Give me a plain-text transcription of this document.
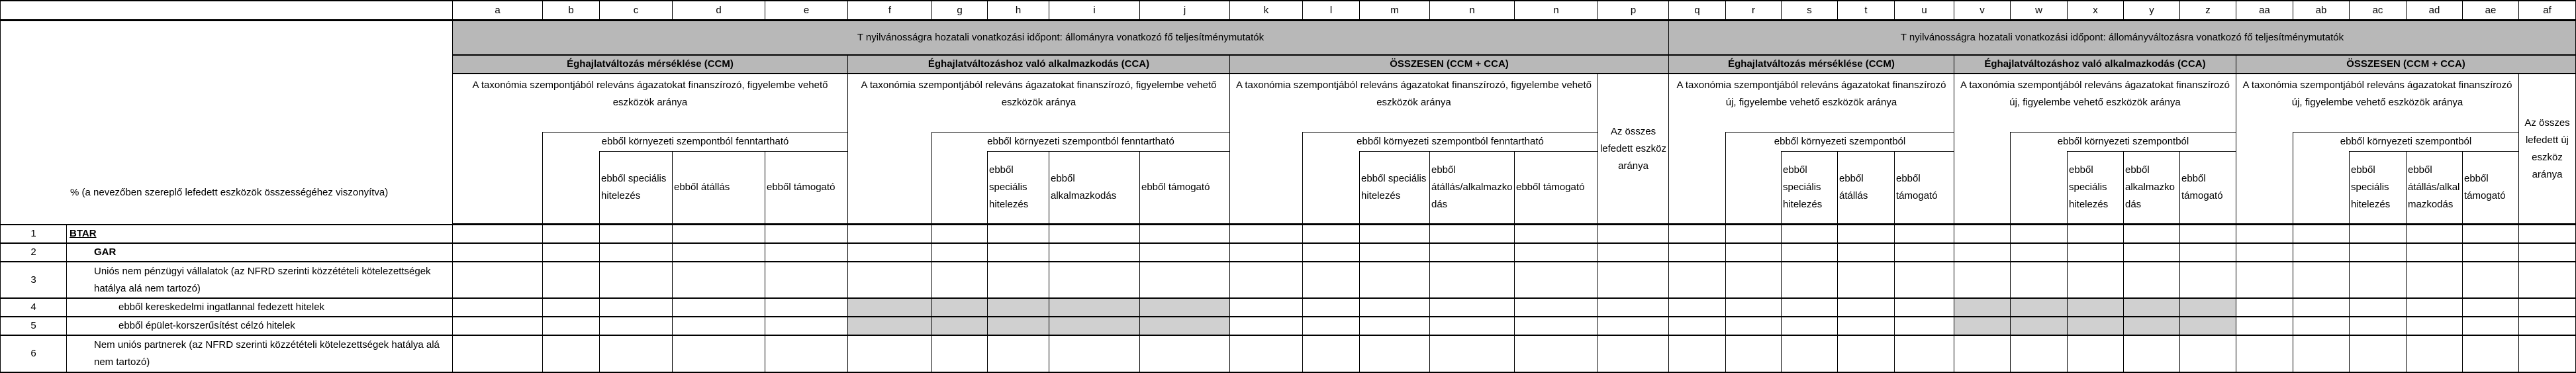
		a	b	c	d	e	f	g	h	i	j	k	l	m	n	n	p	q	r	s	t	u	v	w	x	y	z	aa	ab	ac	ad	ae	af
% (a nevezőben szereplő lefedett eszközök összességéhez viszonyítva)		T nyilvánosságra hozatali vonatkozási időpont: állományra vonatkozó fő teljesítménymutatók																T nyilvánosságra hozatali vonatkozási időpont: állományváltozásra vonatkozó fő teljesítménymutatók															
		Éghajlatváltozás mérséklése (CCM)					Éghajlatváltozáshoz való alkalmazkodás (CCA)					ÖSSZESEN (CCM + CCA)						Éghajlatváltozás mérséklése (CCM)					Éghajlatváltozáshoz való alkalmazkodás (CCA)					ÖSSZESEN (CCM + CCA)					
		A taxonómia szempontjából releváns ágazatokat finanszírozó, figyelembe vehető eszközök aránya					A taxonómia szempontjából releváns ágazatokat finanszírozó, figyelembe vehető eszközök aránya					A taxonómia szempontjából releváns ágazatokat finanszírozó, figyelembe vehető eszközök aránya					Az összes lefedett eszköz aránya	A taxonómia szempontjából releváns ágazatokat finanszírozó új, figyelembe vehető eszközök aránya					A taxonómia szempontjából releváns ágazatokat finanszírozó új, figyelembe vehető eszközök aránya					A taxonómia szempontjából releváns ágazatokat finanszírozó új, figyelembe vehető eszközök aránya					Az összes lefedett új eszköz aránya
			ebből környezeti szempontból fenntartható					ebből környezeti szempontból fenntartható					ebből környezeti szempontból fenntartható						ebből környezeti szempontból					ebből környezeti szempontból					ebből környezeti szempontból				
				ebből speciális hitelezés	ebből átállás	ebből támogató			ebből speciális hitelezés	ebből alkalmazkodás	ebből támogató			ebből speciális hitelezés	ebből átállás/alkalmazkodás	ebből támogató				ebből speciális hitelezés	ebből átállás	ebből támogató			ebből speciális hitelezés	ebből alkalmazkodás	ebből támogató			ebből speciális hitelezés	ebből átállás/alkalmazkodás	ebből támogató	
1	BTAR																																
2	GAR																																
3	Uniós nem pénzügyi vállalatok (az NFRD szerinti közzétételi kötelezettségek hatálya alá nem tartozó)																																
4	ebből kereskedelmi ingatlannal fedezett hitelek																																
5	ebből épület-korszerűsítést célzó hitelek																																
6	Nem uniós partnerek (az NFRD szerinti közzétételi kötelezettségek hatálya alá nem tartozó)																																
